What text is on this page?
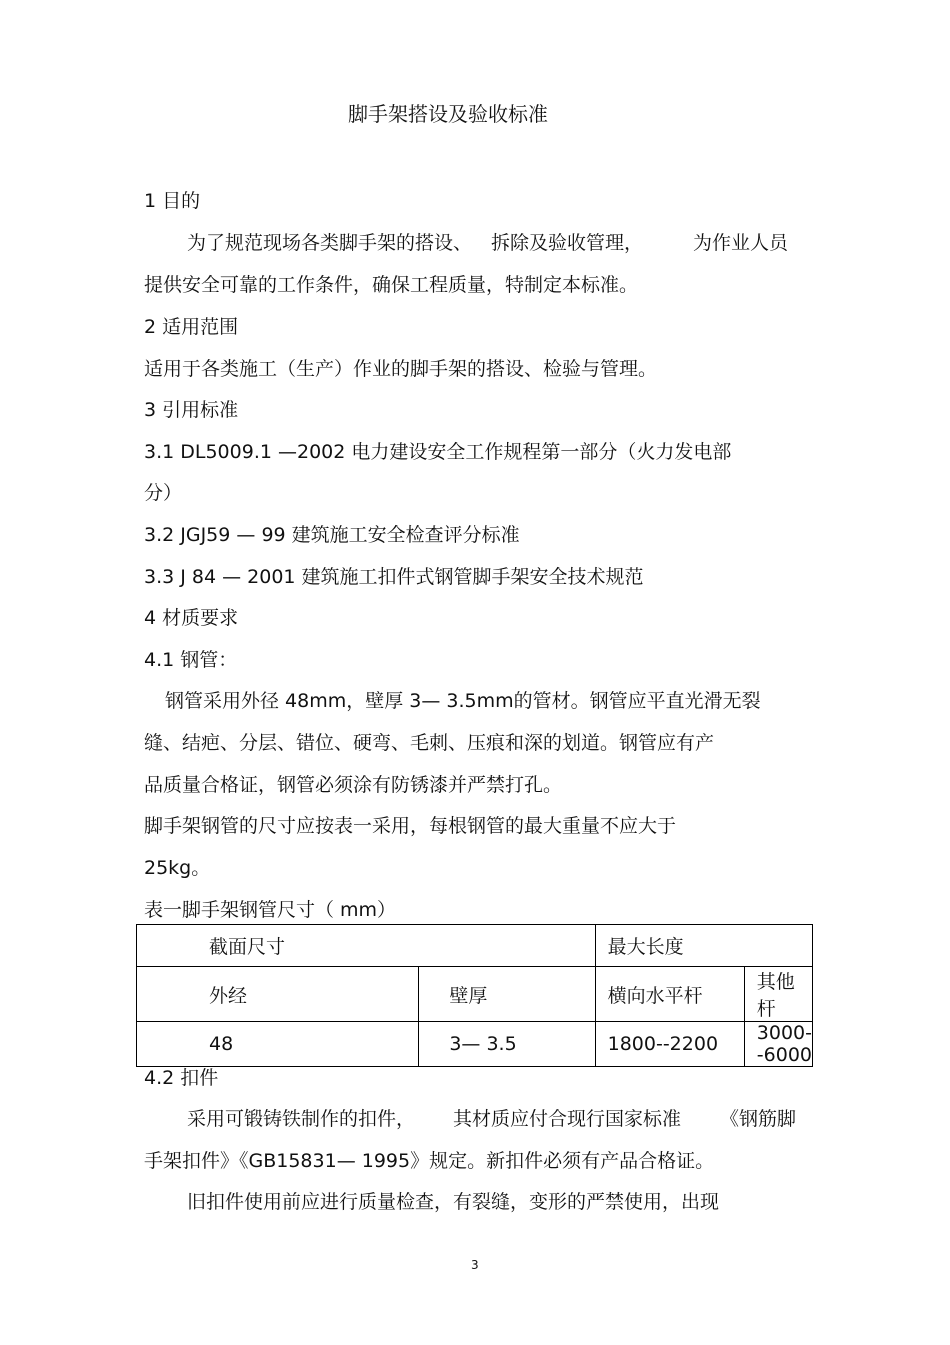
脚手架搭设及验收标准
1 目的
为了规范现场各类脚手架的搭设、 拆除及验收管理，	为作业人员
提供安全可靠的工作条件，确保工程质量，特制定本标准。
2 适用范围
适用于各类施工（生产）作业的脚手架的搭设、检验与管理。
3 引用标准
3.1 DL5009.1 —2002 电力建设安全工作规程第一部分（火力发电部
分）
3.2 JGJ59 — 99 建筑施工安全检查评分标准
3.3 J 84 — 2001 建筑施工扣件式钢管脚手架安全技术规范
4 材质要求
4.1 钢管：
钢管采用外径 48mm，壁厚 3— 3.5mm的管材。钢管应平直光滑无裂
缝、结疤、分层、错位、硬弯、毛刺、压痕和深的划道。钢管应有产
品质量合格证，钢管必须涂有防锈漆并严禁打孔。
脚手架钢管的尺寸应按表一采用，每根钢管的最大重量不应大于
25kg。
表一脚手架钢管尺寸（ mm）
截面尺寸		最大长度	
外经	壁厚	横向水平杆	其他杆
48	3— 3.5	1800--2200	3000--6000
4.2 扣件
采用可锻铸铁制作的扣件， 其材质应付合现行国家标准 《钢筋脚
手架扣件》《GB15831— 1995》规定。新扣件必须有产品合格证。
旧扣件使用前应进行质量检查，有裂缝，变形的严禁使用，出现
3
